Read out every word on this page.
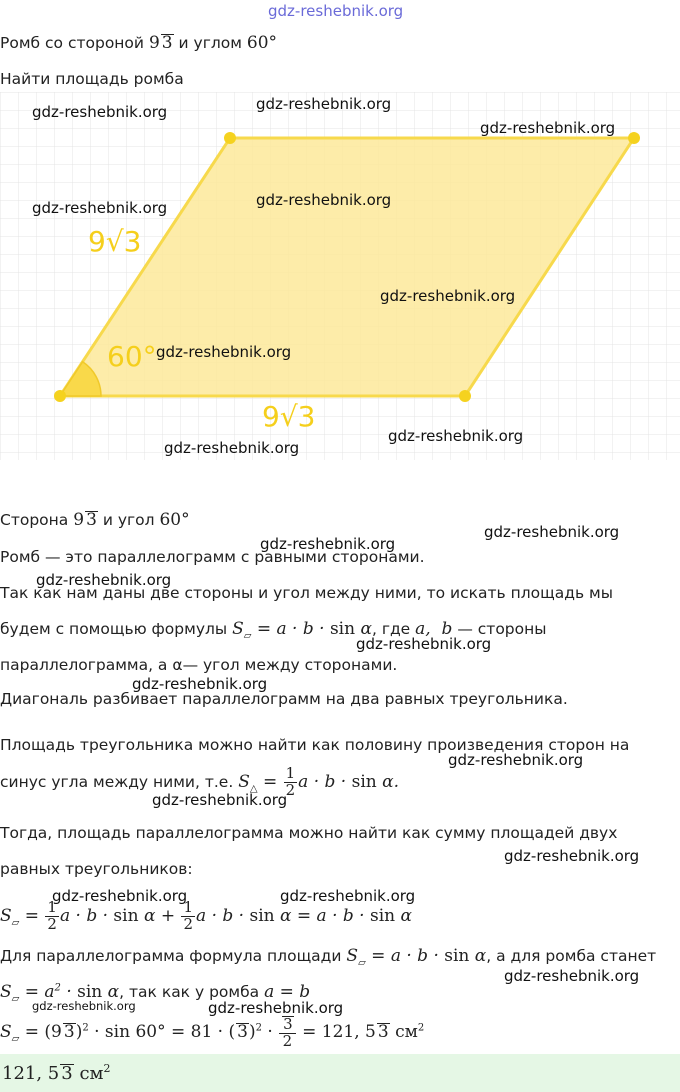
gdz-reshebnik.org
Ромб со стороной 9 3 и углом 60°
Найти площадь ромба
9√3
60°
9√3
Сторона 9 3 и угол 60°
Ромб — это параллелограмм с равными сторонами.
Так как нам даны две стороны и угол между ними, то искать площадь мы
будем с помощью формулы $S_▱ = a \cdot b \cdot \sin \alpha$, где a,  b — стороны
параллелограмма, а α— угол между сторонами.
Диагональ разбивает параллелограмм на два равных треугольника.
Площадь треугольника можно найти как половину произведения сторон на
синус угла между ними, т.е. $S_\triangle = \frac{1}{2}$ a · b · sin α.
Тогда, площадь параллелограмма можно найти как сумму площадей двух
равных треугольников:
$S_▱ = \frac{1}{2}$ $a \cdot b \cdot \sin \alpha + \frac{1}{2}$ a · b · sin α = a · b · sin α
Для параллелограмма формула площади $S_▱ = a \cdot b \cdot \sin \alpha$, а для ромба станет
$S_▱ = a^2 \cdot \sin \alpha$, так как у ромба a = b
$S_▱ = (9$ 3)$^2$ · sin 60° = 81 · ( $3)^2 \cdot \frac{3}{2} = 121$, 5 3 $см^2$
121, 5 3 $см^2$
gdz-reshebnik.org	gdz-reshebnik.org
gdz-reshebnik.org
gdz-reshebnik.org	gdz-reshebnik.org
gdz-reshebnik.org
gdz-reshebnik.org
gdz-reshebnik.org
gdz-reshebnik.org
gdz-reshebnik.org
gdz-reshebnik.org
gdz-reshebnik.org
gdz-reshebnik.org
gdz-reshebnik.org
gdz-reshebnik.org
gdz-reshebnik.org
gdz-reshebnik.org
gdz-reshebnik.org	gdz-reshebnik.org
gdz-reshebnik.org
gdz-reshebnik.org	gdz-reshebnik.org
